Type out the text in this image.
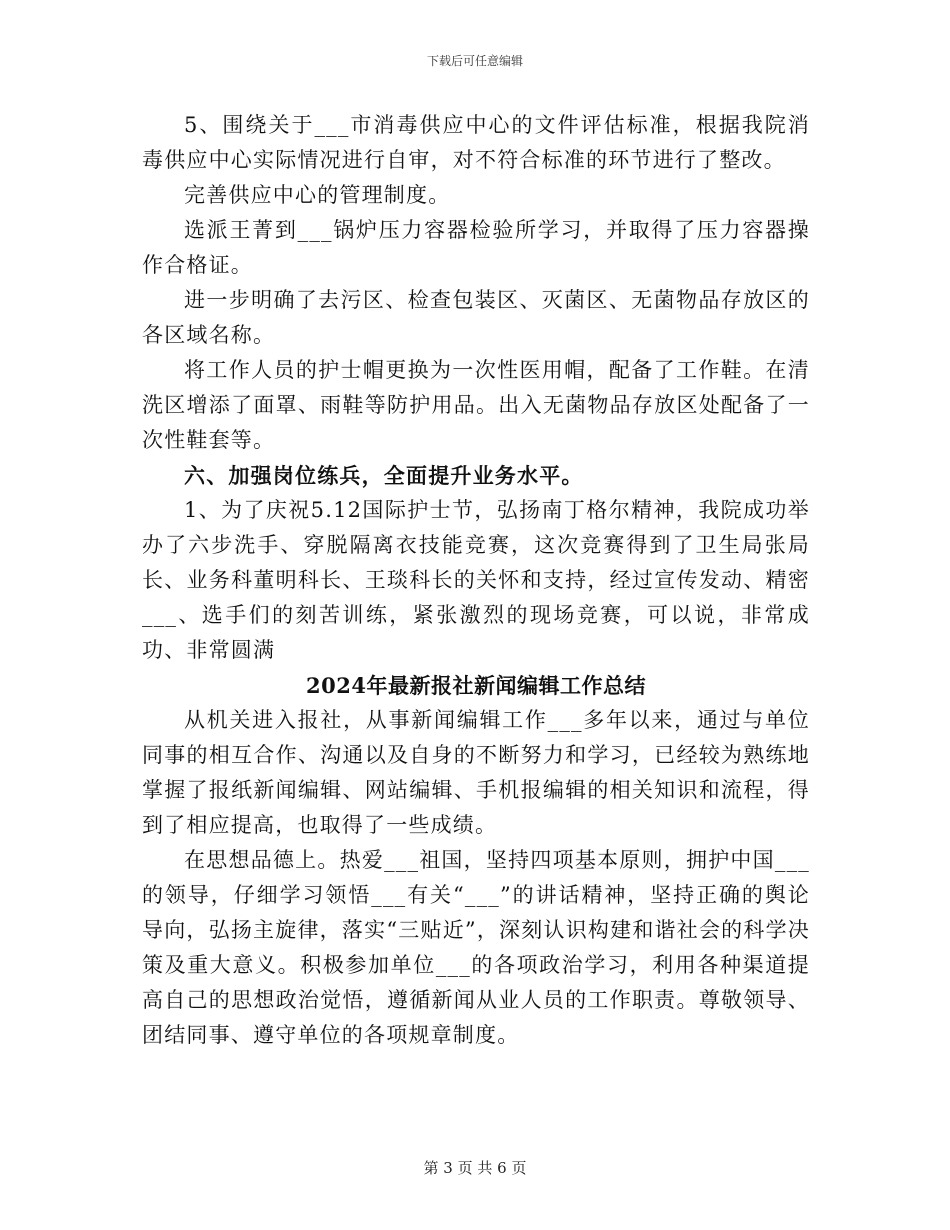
下载后可任意编辑

5、围绕关于___市消毒供应中心的文件评估标准，根据我院消毒供应中心实际情况进行自审，对不符合标准的环节进行了整改。

完善供应中心的管理制度。

选派王菁到___锅炉压力容器检验所学习，并取得了压力容器操作合格证。

进一步明确了去污区、检查包装区、灭菌区、无菌物品存放区的各区域名称。

将工作人员的护士帽更换为一次性医用帽，配备了工作鞋。在清洗区增添了面罩、雨鞋等防护用品。出入无菌物品存放区处配备了一次性鞋套等。

六、加强岗位练兵，全面提升业务水平。

1、为了庆祝5.12国际护士节，弘扬南丁格尔精神，我院成功举办了六步洗手、穿脱隔离衣技能竞赛，这次竞赛得到了卫生局张局长、业务科董明科长、王琰科长的关怀和支持，经过宣传发动、精密___、选手们的刻苦训练，紧张激烈的现场竞赛，可以说，非常成功、非常圆满

2024年最新报社新闻编辑工作总结

从机关进入报社，从事新闻编辑工作___多年以来，通过与单位同事的相互合作、沟通以及自身的不断努力和学习，已经较为熟练地掌握了报纸新闻编辑、网站编辑、手机报编辑的相关知识和流程，得到了相应提高，也取得了一些成绩。

在思想品德上。热爱___祖国，坚持四项基本原则，拥护中国___的领导，仔细学习领悟___有关“___”的讲话精神，坚持正确的舆论导向，弘扬主旋律，落实“三贴近”，深刻认识构建和谐社会的科学决策及重大意义。积极参加单位___的各项政治学习，利用各种渠道提高自己的思想政治觉悟，遵循新闻从业人员的工作职责。尊敬领导、团结同事、遵守单位的各项规章制度。

第 3 页 共 6 页
